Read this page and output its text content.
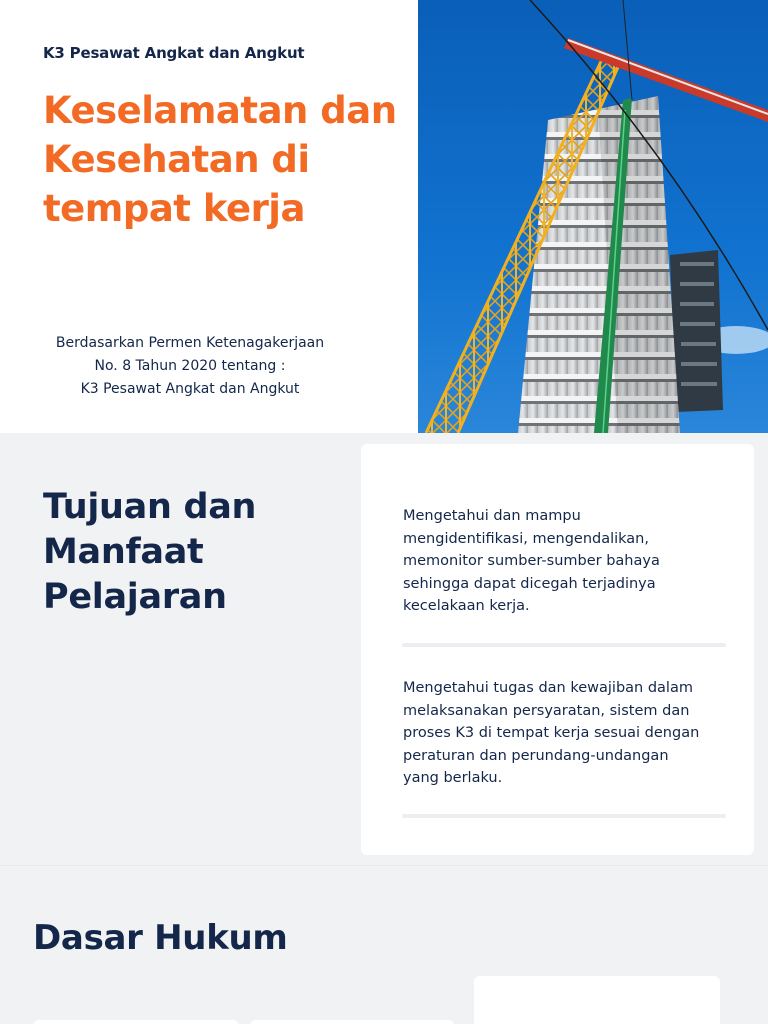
K3 Pesawat Angkat dan Angkut
Keselamatan dan Kesehatan di tempat kerja
Berdasarkan Permen Ketenagakerjaan
No. 8 Tahun 2020 tentang :
K3 Pesawat Angkat dan Angkut
Tujuan dan Manfaat Pelajaran

Mengetahui dan mampu mengidentifikasi, mengendalikan, memonitor sumber-sumber bahaya sehingga dapat dicegah terjadinya kecelakaan kerja.

Mengetahui tugas dan kewajiban dalam melaksanakan persyaratan, sistem dan proses K3 di tempat kerja sesuai dengan peraturan dan perundang-undangan yang berlaku.

Dasar Hukum
